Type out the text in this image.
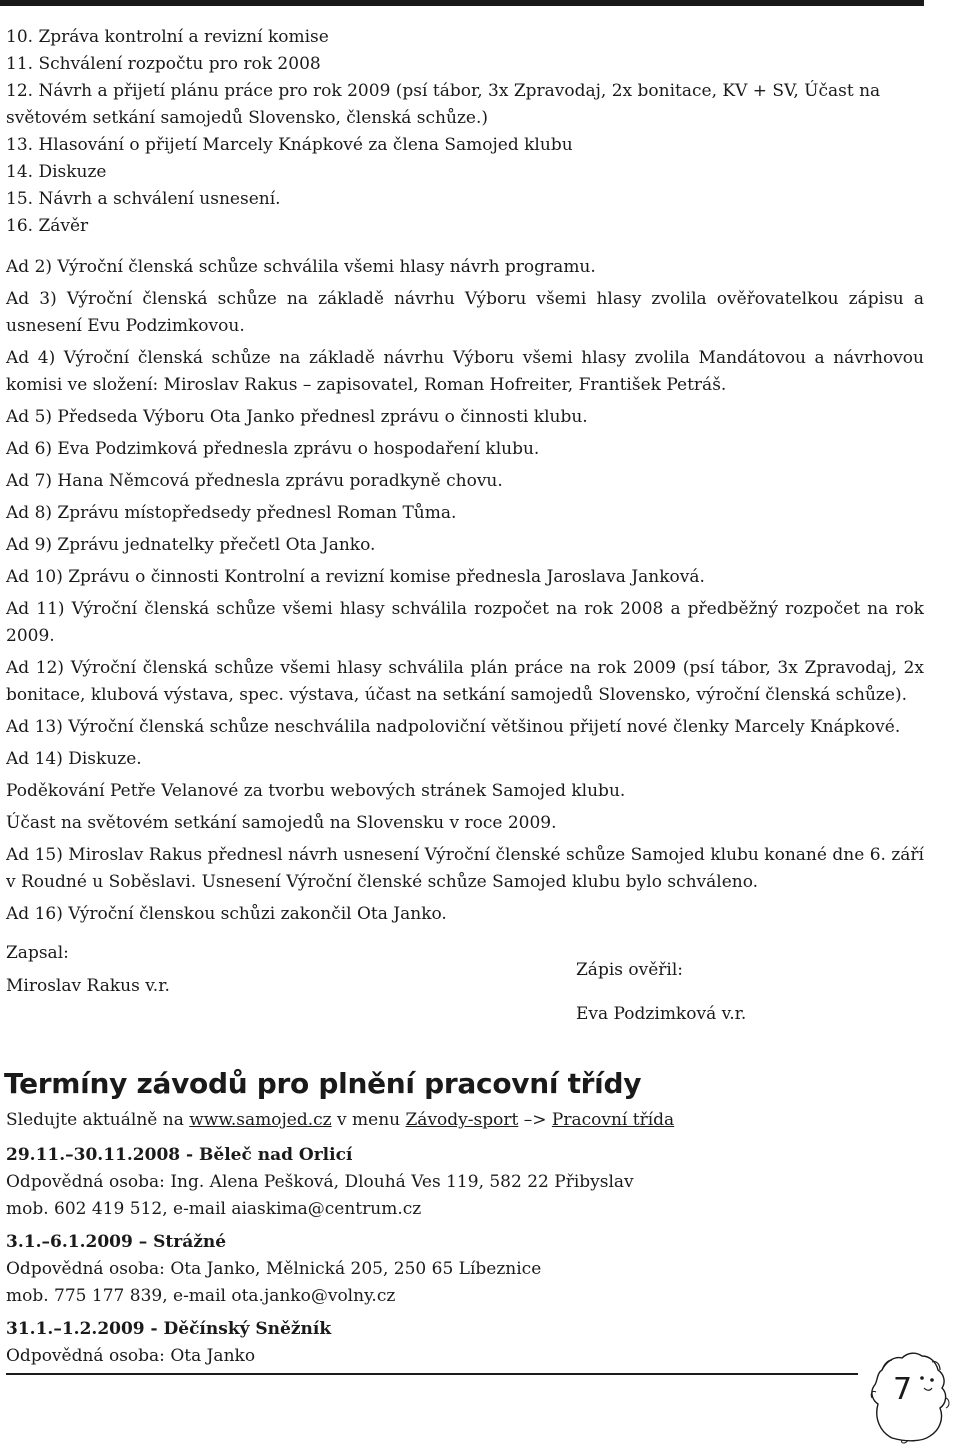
10. Zpráva kontrolní a revizní komise

11. Schválení rozpočtu pro rok 2008

12. Návrh a přijetí plánu práce pro rok 2009 (psí tábor, 3x Zpravodaj, 2x bonitace, KV + SV, Účast na světovém setkání samojedů Slovensko, členská schůze.)

13. Hlasování o přijetí Marcely Knápkové za člena Samojed klubu

14. Diskuze

15. Návrh a schválení usnesení.

16. Závěr

Ad 2) Výroční členská schůze schválila všemi hlasy návrh programu.

Ad 3) Výroční členská schůze na základě návrhu Výboru všemi hlasy zvolila ověřovatelkou zápisu a usnesení Evu Podzimkovou.

Ad 4) Výroční členská schůze na základě návrhu Výboru všemi hlasy zvolila Mandátovou a návrhovou komisi ve složení: Miroslav Rakus – zapisovatel, Roman Hofreiter, František Petráš.

Ad 5) Předseda Výboru Ota Janko přednesl zprávu o činnosti klubu.

Ad 6) Eva Podzimková přednesla zprávu o hospodaření klubu.

Ad 7) Hana Němcová přednesla zprávu poradkyně chovu.

Ad 8) Zprávu místopředsedy přednesl Roman Tůma.

Ad 9) Zprávu jednatelky přečetl Ota Janko.

Ad 10) Zprávu o činnosti Kontrolní a revizní komise přednesla Jaroslava Janková.

Ad 11) Výroční členská schůze všemi hlasy schválila rozpočet na rok 2008 a předběžný rozpočet na rok 2009.

Ad 12) Výroční členská schůze všemi hlasy schválila plán práce na rok 2009 (psí tábor, 3x Zpravodaj, 2x bonitace, klubová výstava, spec. výstava, účast na setkání samojedů Slovensko, výroční členská schůze).

Ad 13) Výroční členská schůze neschválila nadpoloviční většinou přijetí nové členky Marcely Knápkové.

Ad 14) Diskuze.

Poděkování Petře Velanové za tvorbu webových stránek Samojed klubu.

Účast na světovém setkání samojedů na Slovensku v roce 2009.

Ad 15) Miroslav Rakus přednesl návrh usnesení Výroční členské schůze Samojed klubu konané dne 6. září v Roudné u Soběslavi. Usnesení Výroční členské schůze Samojed klubu bylo schváleno.

Ad 16) Výroční členskou schůzi zakončil Ota Janko.

Zapsal:

Miroslav Rakus v.r.

Zápis ověřil:

Eva Podzimková v.r.

Termíny závodů pro plnění pracovní třídy

Sledujte aktuálně na www.samojed.cz v menu Závody-sport –> Pracovní třída

29.11.–30.11.2008 - Běleč nad Orlicí

Odpovědná osoba: Ing. Alena Pešková, Dlouhá Ves 119, 582 22 Přibyslav

mob. 602 419 512, e-mail aiaskima@centrum.cz

3.1.–6.1.2009 – Strážné

Odpovědná osoba: Ota Janko, Mělnická 205, 250 65 Líbeznice

mob. 775 177 839, e-mail ota.janko@volny.cz

31.1.–1.2.2009 - Děčínský Sněžník

Odpovědná osoba: Ota Janko

7
